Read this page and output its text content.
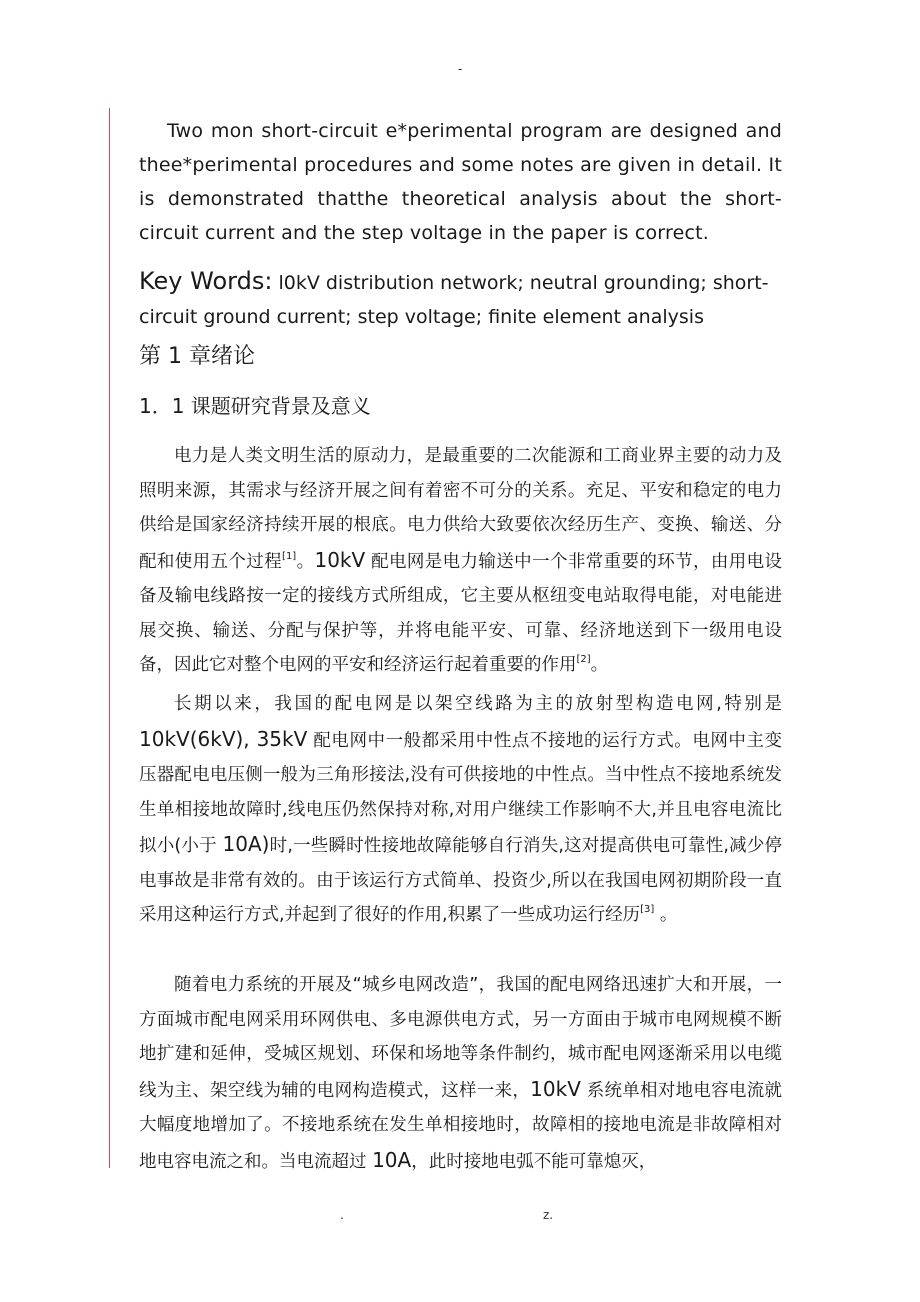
-

Two mon short-circuit e*perimental program are designed and thee*perimental procedures and some notes are given in detail. It is demonstrated thatthe theoretical analysis about the short-circuit current and the step voltage in the paper is correct.

Key Words: l0kV distribution network; neutral grounding; short-circuit ground current; step voltage; finite element analysis

第 1 章绪论
1．1 课题研究背景及意义

电力是人类文明生活的原动力，是最重要的二次能源和工商业界主要的动力及照明来源，其需求与经济开展之间有着密不可分的关系。充足、平安和稳定的电力供给是国家经济持续开展的根底。电力供给大致要依次经历生产、变换、输送、分配和使用五个过程[1]。10kV 配电网是电力输送中一个非常重要的环节，由用电设备及输电线路按一定的接线方式所组成，它主要从枢纽变电站取得电能，对电能进展交换、输送、分配与保护等，并将电能平安、可靠、经济地送到下一级用电设备，因此它对整个电网的平安和经济运行起着重要的作用[2]。

长期以来，我国的配电网是以架空线路为主的放射型构造电网,特别是10kV(6kV), 35kV 配电网中一般都采用中性点不接地的运行方式。电网中主变压器配电电压侧一般为三角形接法,没有可供接地的中性点。当中性点不接地系统发生单相接地故障时,线电压仍然保持对称,对用户继续工作影响不大,并且电容电流比拟小(小于 10A)时,一些瞬时性接地故障能够自行消失,这对提高供电可靠性,减少停电事故是非常有效的。由于该运行方式简单、投资少,所以在我国电网初期阶段一直采用这种运行方式,并起到了很好的作用,积累了一些成功运行经历[3] 。

随着电力系统的开展及“城乡电网改造”，我国的配电网络迅速扩大和开展，一方面城市配电网采用环网供电、多电源供电方式，另一方面由于城市电网规模不断地扩建和延伸，受城区规划、环保和场地等条件制约，城市配电网逐渐采用以电缆线为主、架空线为辅的电网构造模式，这样一来，10kV 系统单相对地电容电流就大幅度地增加了。不接地系统在发生单相接地时，故障相的接地电流是非故障相对地电容电流之和。当电流超过 10A，此时接地电弧不能可靠熄灭，

.	z.
